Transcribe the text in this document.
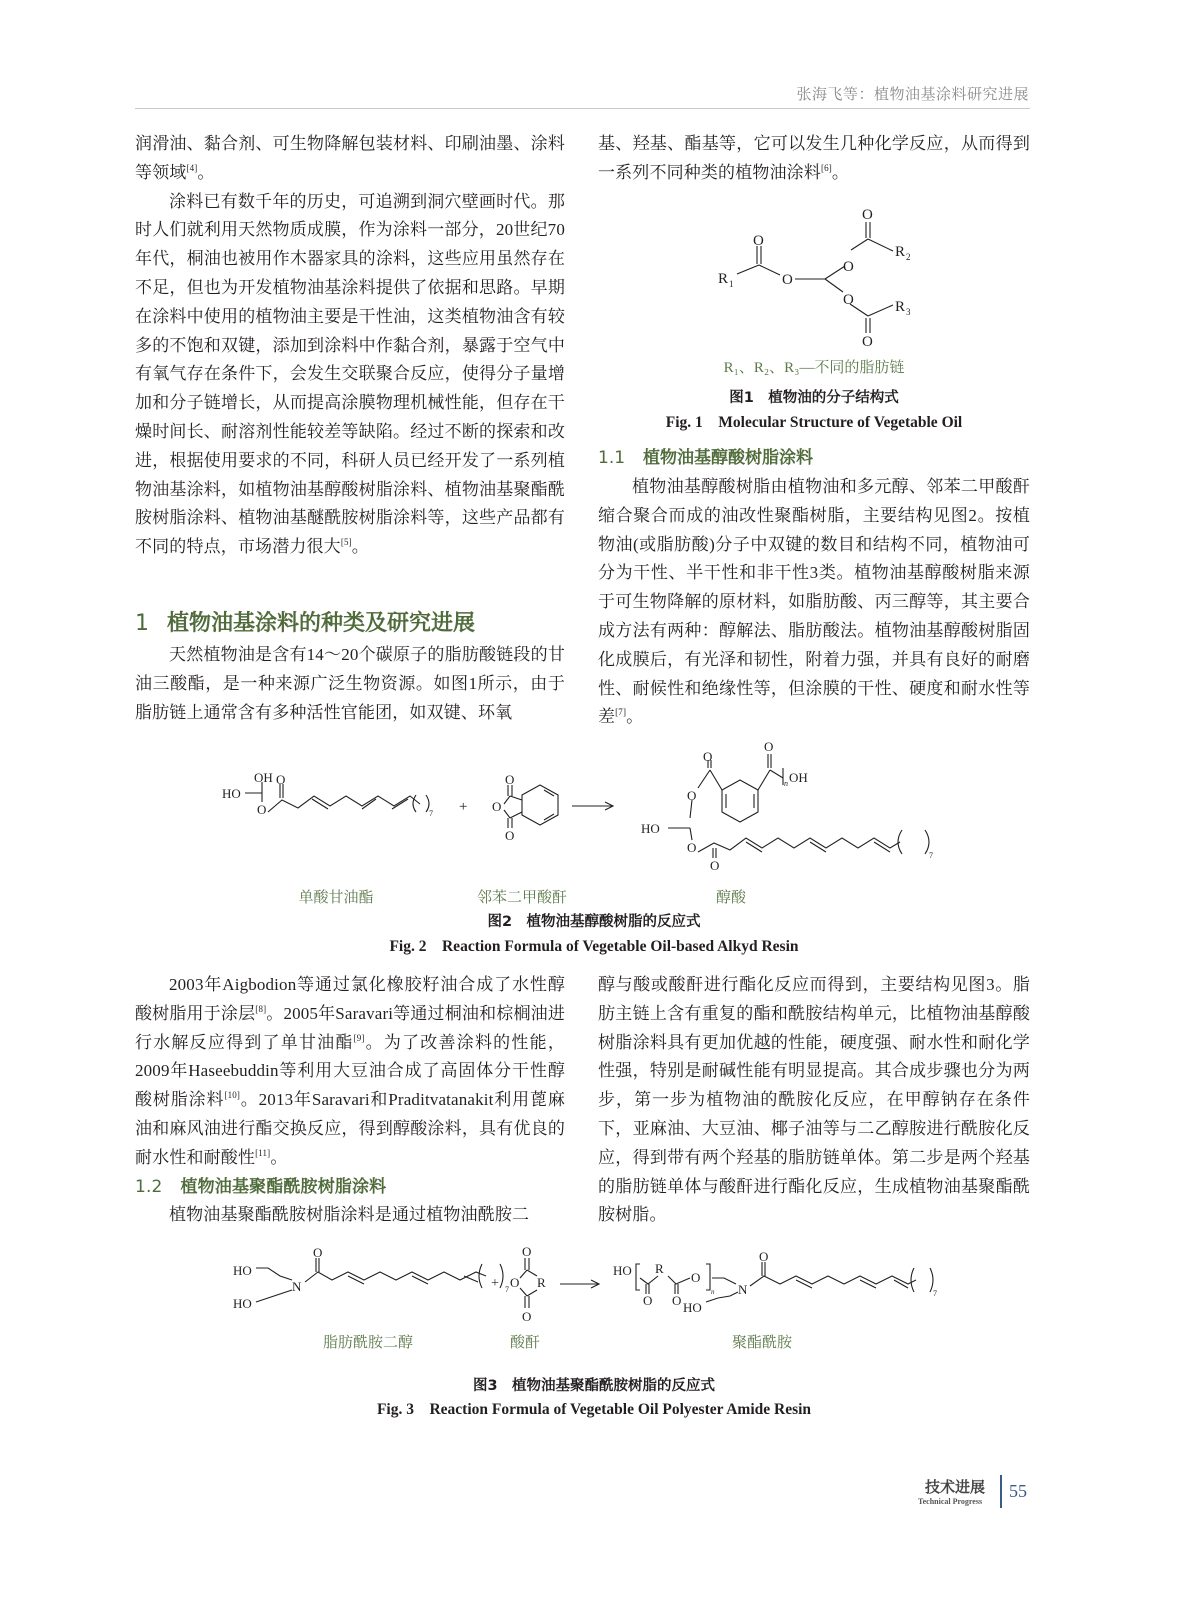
张海飞等：植物油基涂料研究进展

润滑油、黏合剂、可生物降解包装材料、印刷油墨、涂料等领域[4]。

涂料已有数千年的历史，可追溯到洞穴壁画时代。那时人们就利用天然物质成膜，作为涂料一部分，20世纪70年代，桐油也被用作木器家具的涂料，这些应用虽然存在不足，但也为开发植物油基涂料提供了依据和思路。早期在涂料中使用的植物油主要是干性油，这类植物油含有较多的不饱和双键，添加到涂料中作黏合剂，暴露于空气中有氧气存在条件下，会发生交联聚合反应，使得分子量增加和分子链增长，从而提高涂膜物理机械性能，但存在干燥时间长、耐溶剂性能较差等缺陷。经过不断的探索和改进，根据使用要求的不同，科研人员已经开发了一系列植物油基涂料，如植物油基醇酸树脂涂料、植物油基聚酯酰胺树脂涂料、植物油基醚酰胺树脂涂料等，这些产品都有不同的特点，市场潜力很大[5]。

1 植物油基涂料的种类及研究进展

天然植物油是含有14～20个碳原子的脂肪酸链段的甘油三酸酯，是一种来源广泛生物资源。如图1所示，由于脂肪链上通常含有多种活性官能团，如双键、环氧

基、羟基、酯基等，它可以发生几种化学反应，从而得到一系列不同种类的植物油涂料[6]。

O
R 2
O
O
R 1	O
O	R 3
O
R₁、R₂、R₃—不同的脂肪链
图1　植物油的分子结构式
Fig. 1　Molecular Structure of Vegetable Oil
1.1 植物油基醇酸树脂涂料

植物油基醇酸树脂由植物油和多元醇、邻苯二甲酸酐缩合聚合而成的油改性聚酯树脂，主要结构见图2。按植物油(或脂肪酸)分子中双键的数目和结构不同，植物油可分为干性、半干性和非干性3类。植物油基醇酸树脂来源于可生物降解的原材料，如脂肪酸、丙三醇等，其主要合成方法有两种：醇解法、脂肪酸法。植物油基醇酸树脂固化成膜后，有光泽和韧性，附着力强，并具有良好的耐磨性、耐候性和绝缘性等，但涂膜的干性、硬度和耐水性等差[7]。

HO
OH O
O	7 +
O
O
O
O
O
OH
n
O
HO
O
O
7
单酸甘油酯	邻苯二甲酸酐	醇酸
图2　植物油基醇酸树脂的反应式
Fig. 2　Reaction Formula of Vegetable Oil-based Alkyd Resin

2003年Aigbodion等通过氯化橡胶籽油合成了水性醇酸树脂用于涂层[8]。2005年Saravari等通过桐油和棕榈油进行水解反应得到了单甘油酯[9]。为了改善涂料的性能，2009年Haseebuddin等利用大豆油合成了高固体分干性醇酸树脂涂料[10]。2013年Saravari和Praditvatanakit利用蓖麻油和麻风油进行酯交换反应，得到醇酸涂料，具有优良的耐水性和耐酸性[11]。

1.2 植物油基聚酯酰胺树脂涂料

植物油基聚酯酰胺树脂涂料是通过植物油酰胺二

醇与酸或酸酐进行酯化反应而得到，主要结构见图3。脂肪主链上含有重复的酯和酰胺结构单元，比植物油基醇酸树脂涂料具有更加优越的性能，硬度强、耐水性和耐化学性强，特别是耐碱性能有明显提高。其合成步骤也分为两步，第一步为植物油的酰胺化反应，在甲醇钠存在条件下，亚麻油、大豆油、椰子油等与二乙醇胺进行酰胺化反应，得到带有两个羟基的脂肪链单体。第二步是两个羟基的脂肪链单体与酸酐进行酯化反应，生成植物油基聚酯酰胺树脂。

HO
HO
N
O
7
+
O
O R
O
HO R
O
n
O O HO
N
O
7
脂肪酰胺二醇	酸酐	聚酯酰胺
图3　植物油基聚酯酰胺树脂的反应式
Fig. 3　Reaction Formula of Vegetable Oil Polyester Amide Resin
技术进展
Technical Progress
55
